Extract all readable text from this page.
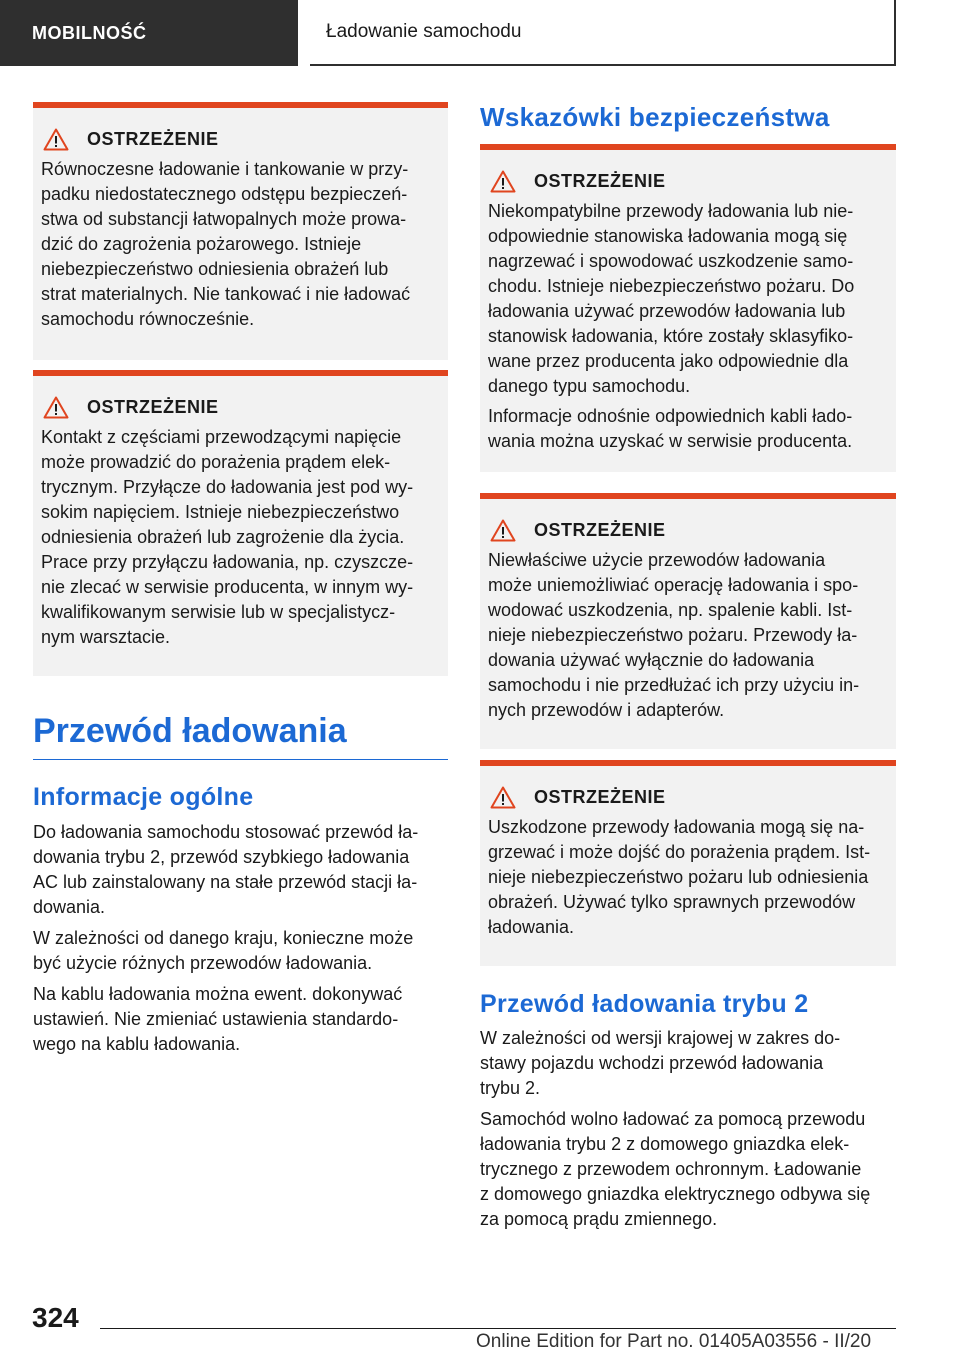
MOBILNOŚĆ	Ładowanie samochodu
OSTRZEŻENIE

Równoczesne ładowanie i tankowanie w przy-
padku niedostatecznego odstępu bezpieczeń-
stwa od substancji łatwopalnych może prowa-
dzić do zagrożenia pożarowego. Istnieje
niebezpieczeństwo odniesienia obrażeń lub
strat materialnych. Nie tankować i nie ładować
samochodu równocześnie.

OSTRZEŻENIE

Kontakt z częściami przewodzącymi napięcie
może prowadzić do porażenia prądem elek-
trycznym. Przyłącze do ładowania jest pod wy-
sokim napięciem. Istnieje niebezpieczeństwo
odniesienia obrażeń lub zagrożenie dla życia.
Prace przy przyłączu ładowania, np. czyszcze-
nie zlecać w serwisie producenta, w innym wy-
kwalifikowanym serwisie lub w specjalistycz-
nym warsztacie.

Przewód ładowania
Informacje ogólne

Do ładowania samochodu stosować przewód ła-
dowania trybu 2, przewód szybkiego ładowania
AC lub zainstalowany na stałe przewód stacji ła-
dowania.

W zależności od danego kraju, konieczne może
być użycie różnych przewodów ładowania.

Na kablu ładowania można ewent. dokonywać
ustawień. Nie zmieniać ustawienia standardo-
wego na kablu ładowania.

Wskazówki bezpieczeństwa
OSTRZEŻENIE

Niekompatybilne przewody ładowania lub nie-
odpowiednie stanowiska ładowania mogą się
nagrzewać i spowodować uszkodzenie samo-
chodu. Istnieje niebezpieczeństwo pożaru. Do
ładowania używać przewodów ładowania lub
stanowisk ładowania, które zostały sklasyfiko-
wane przez producenta jako odpowiednie dla
danego typu samochodu.

Informacje odnośnie odpowiednich kabli łado-
wania można uzyskać w serwisie producenta.

OSTRZEŻENIE

Niewłaściwe użycie przewodów ładowania
może uniemożliwiać operację ładowania i spo-
wodować uszkodzenia, np. spalenie kabli. Ist-
nieje niebezpieczeństwo pożaru. Przewody ła-
dowania używać wyłącznie do ładowania
samochodu i nie przedłużać ich przy użyciu in-
nych przewodów i adapterów.

OSTRZEŻENIE

Uszkodzone przewody ładowania mogą się na-
grzewać i może dojść do porażenia prądem. Ist-
nieje niebezpieczeństwo pożaru lub odniesienia
obrażeń. Używać tylko sprawnych przewodów
ładowania.

Przewód ładowania trybu 2

W zależności od wersji krajowej w zakres do-
stawy pojazdu wchodzi przewód ładowania
trybu 2.

Samochód wolno ładować za pomocą przewodu
ładowania trybu 2 z domowego gniazdka elek-
trycznego z przewodem ochronnym. Ładowanie
z domowego gniazdka elektrycznego odbywa się
za pomocą prądu zmiennego.

324
Online Edition for Part no. 01405A03556 - II/20
